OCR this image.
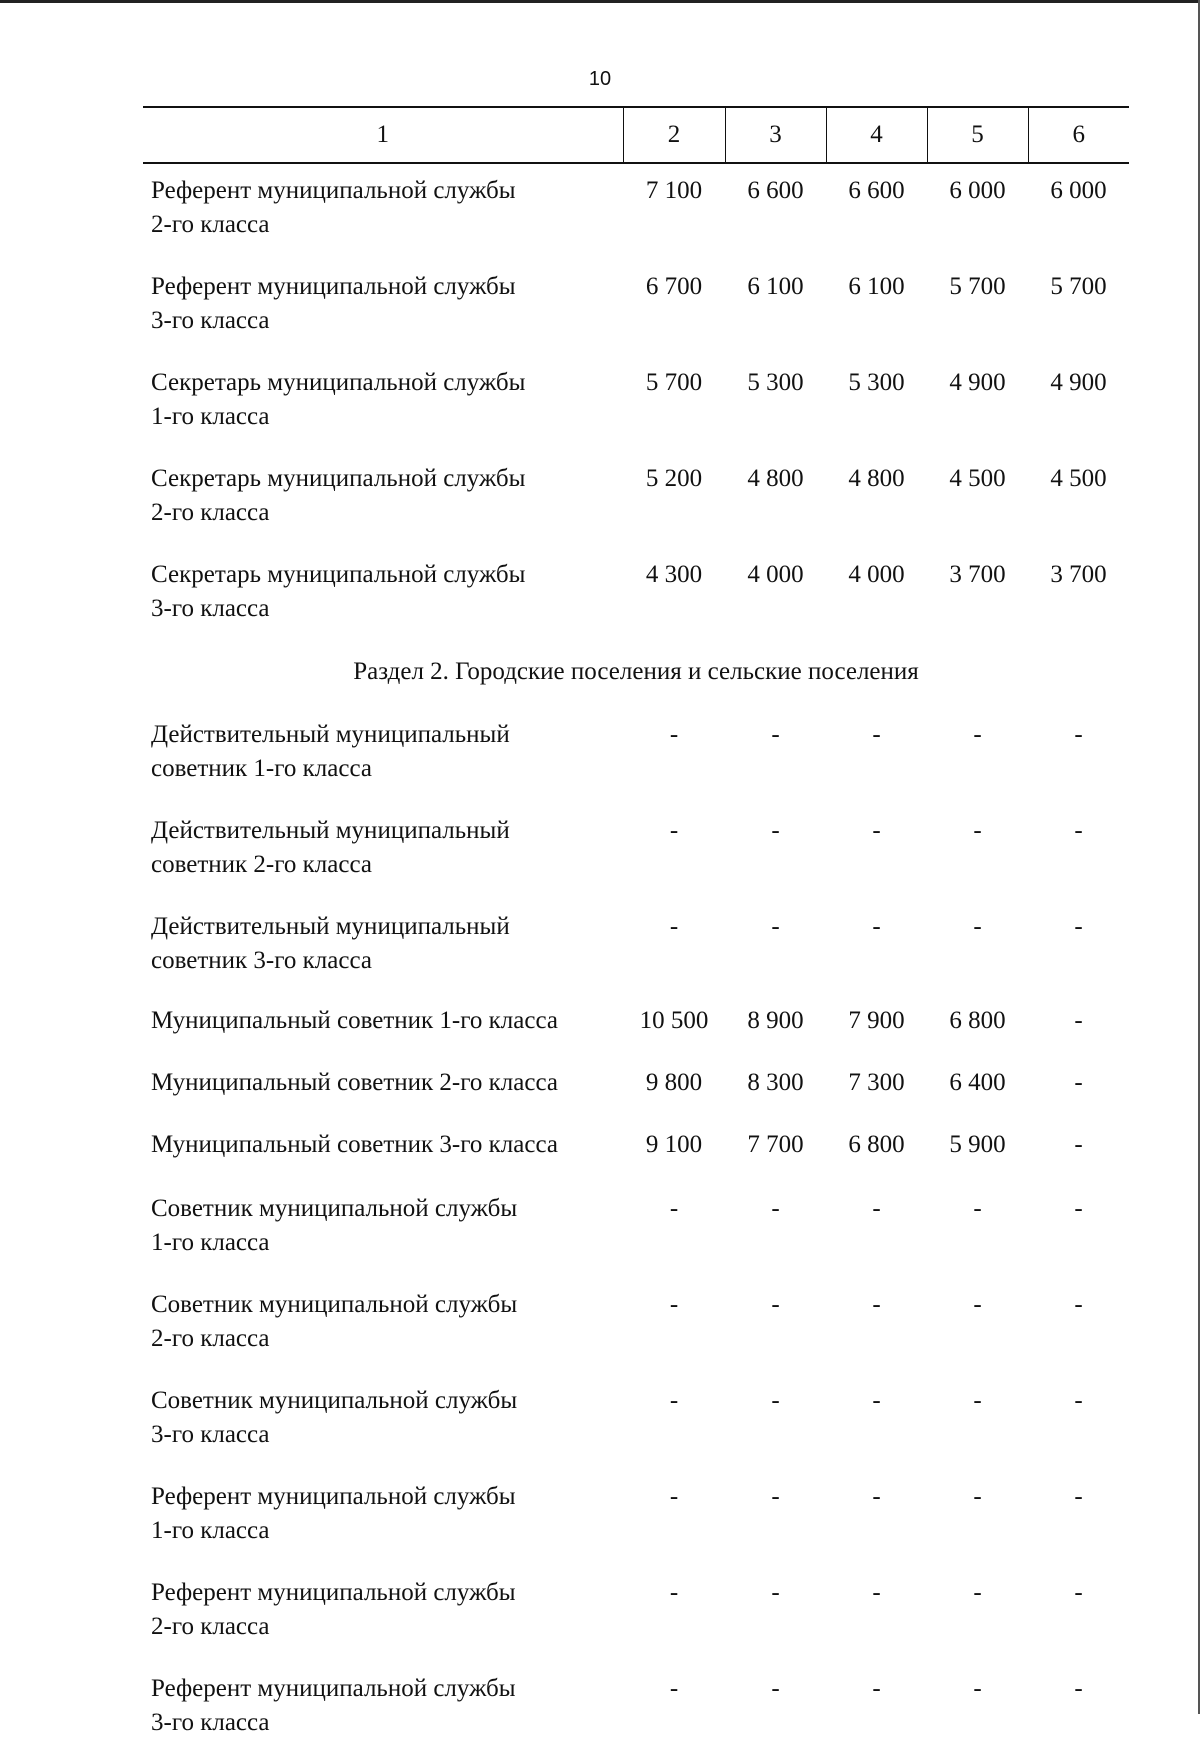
10
1	2	3	4	5	6

Референт муниципальной службы
2-го класса	7 100	6 600	6 600	6 000	6 000

Референт муниципальной службы
3-го класса	6 700	6 100	6 100	5 700	5 700

Секретарь муниципальной службы
1-го класса	5 700	5 300	5 300	4 900	4 900

Секретарь муниципальной службы
2-го класса	5 200	4 800	4 800	4 500	4 500

Секретарь муниципальной службы
3-го класса	4 300	4 000	4 000	3 700	3 700
Раздел 2. Городские поселения и сельские поселения					

Действительный муниципальный
советник 1-го класса	-	-	-	-	-

Действительный муниципальный
советник 2-го класса	-	-	-	-	-

Действительный муниципальный
советник 3-го класса	-	-	-	-	-

Муниципальный советник 1-го класса	10 500	8 900	7 900	6 800	-

Муниципальный советник 2-го класса	9 800	8 300	7 300	6 400	-

Муниципальный советник 3-го класса	9 100	7 700	6 800	5 900	-

Советник муниципальной службы
1-го класса	-	-	-	-	-

Советник муниципальной службы
2-го класса	-	-	-	-	-

Советник муниципальной службы
3-го класса	-	-	-	-	-

Референт муниципальной службы
1-го класса	-	-	-	-	-

Референт муниципальной службы
2-го класса	-	-	-	-	-

Референт муниципальной службы
3-го класса	-	-	-	-	-
